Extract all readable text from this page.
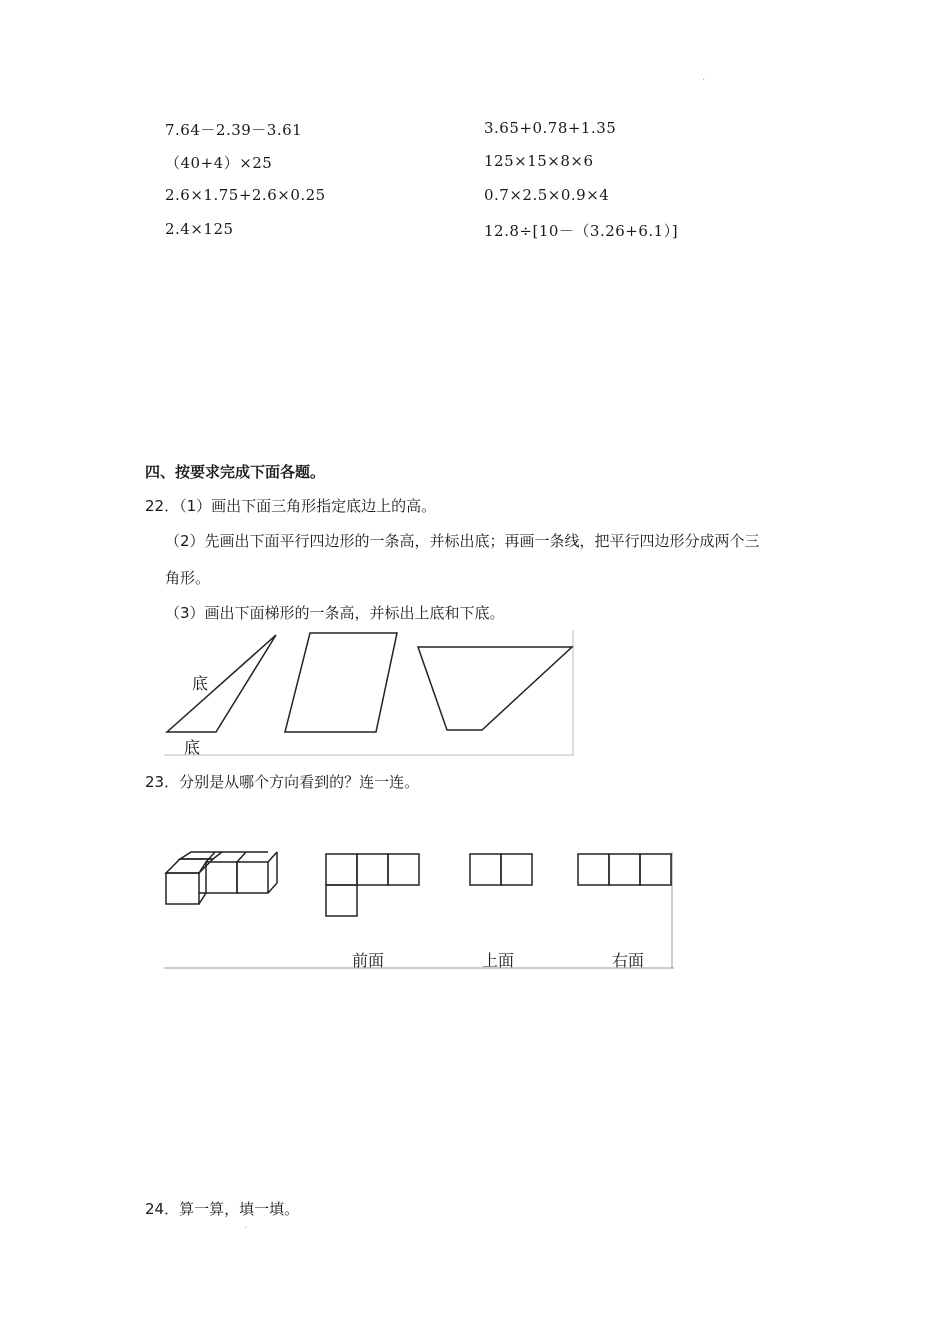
ˌ
7.64－2.39－3.61
（40+4）×25
2.6×1.75+2.6×0.25
2.4×125
3.65+0.78+1.35
125×15×8×6
0.7×2.5×0.9×4
12.8÷[10－（3.26+6.1）]
四、按要求完成下面各题。
22．（1）画出下面三角形指定底边上的高。
（2）先画出下面平行四边形的一条高，并标出底；再画一条线，把平行四边形分成两个三
角形。
（3）画出下面梯形的一条高，并标出上底和下底。
底
底
23．分别是从哪个方向看到的？连一连。
前面	上面	右面
24．算一算，填一填。
ˌ
